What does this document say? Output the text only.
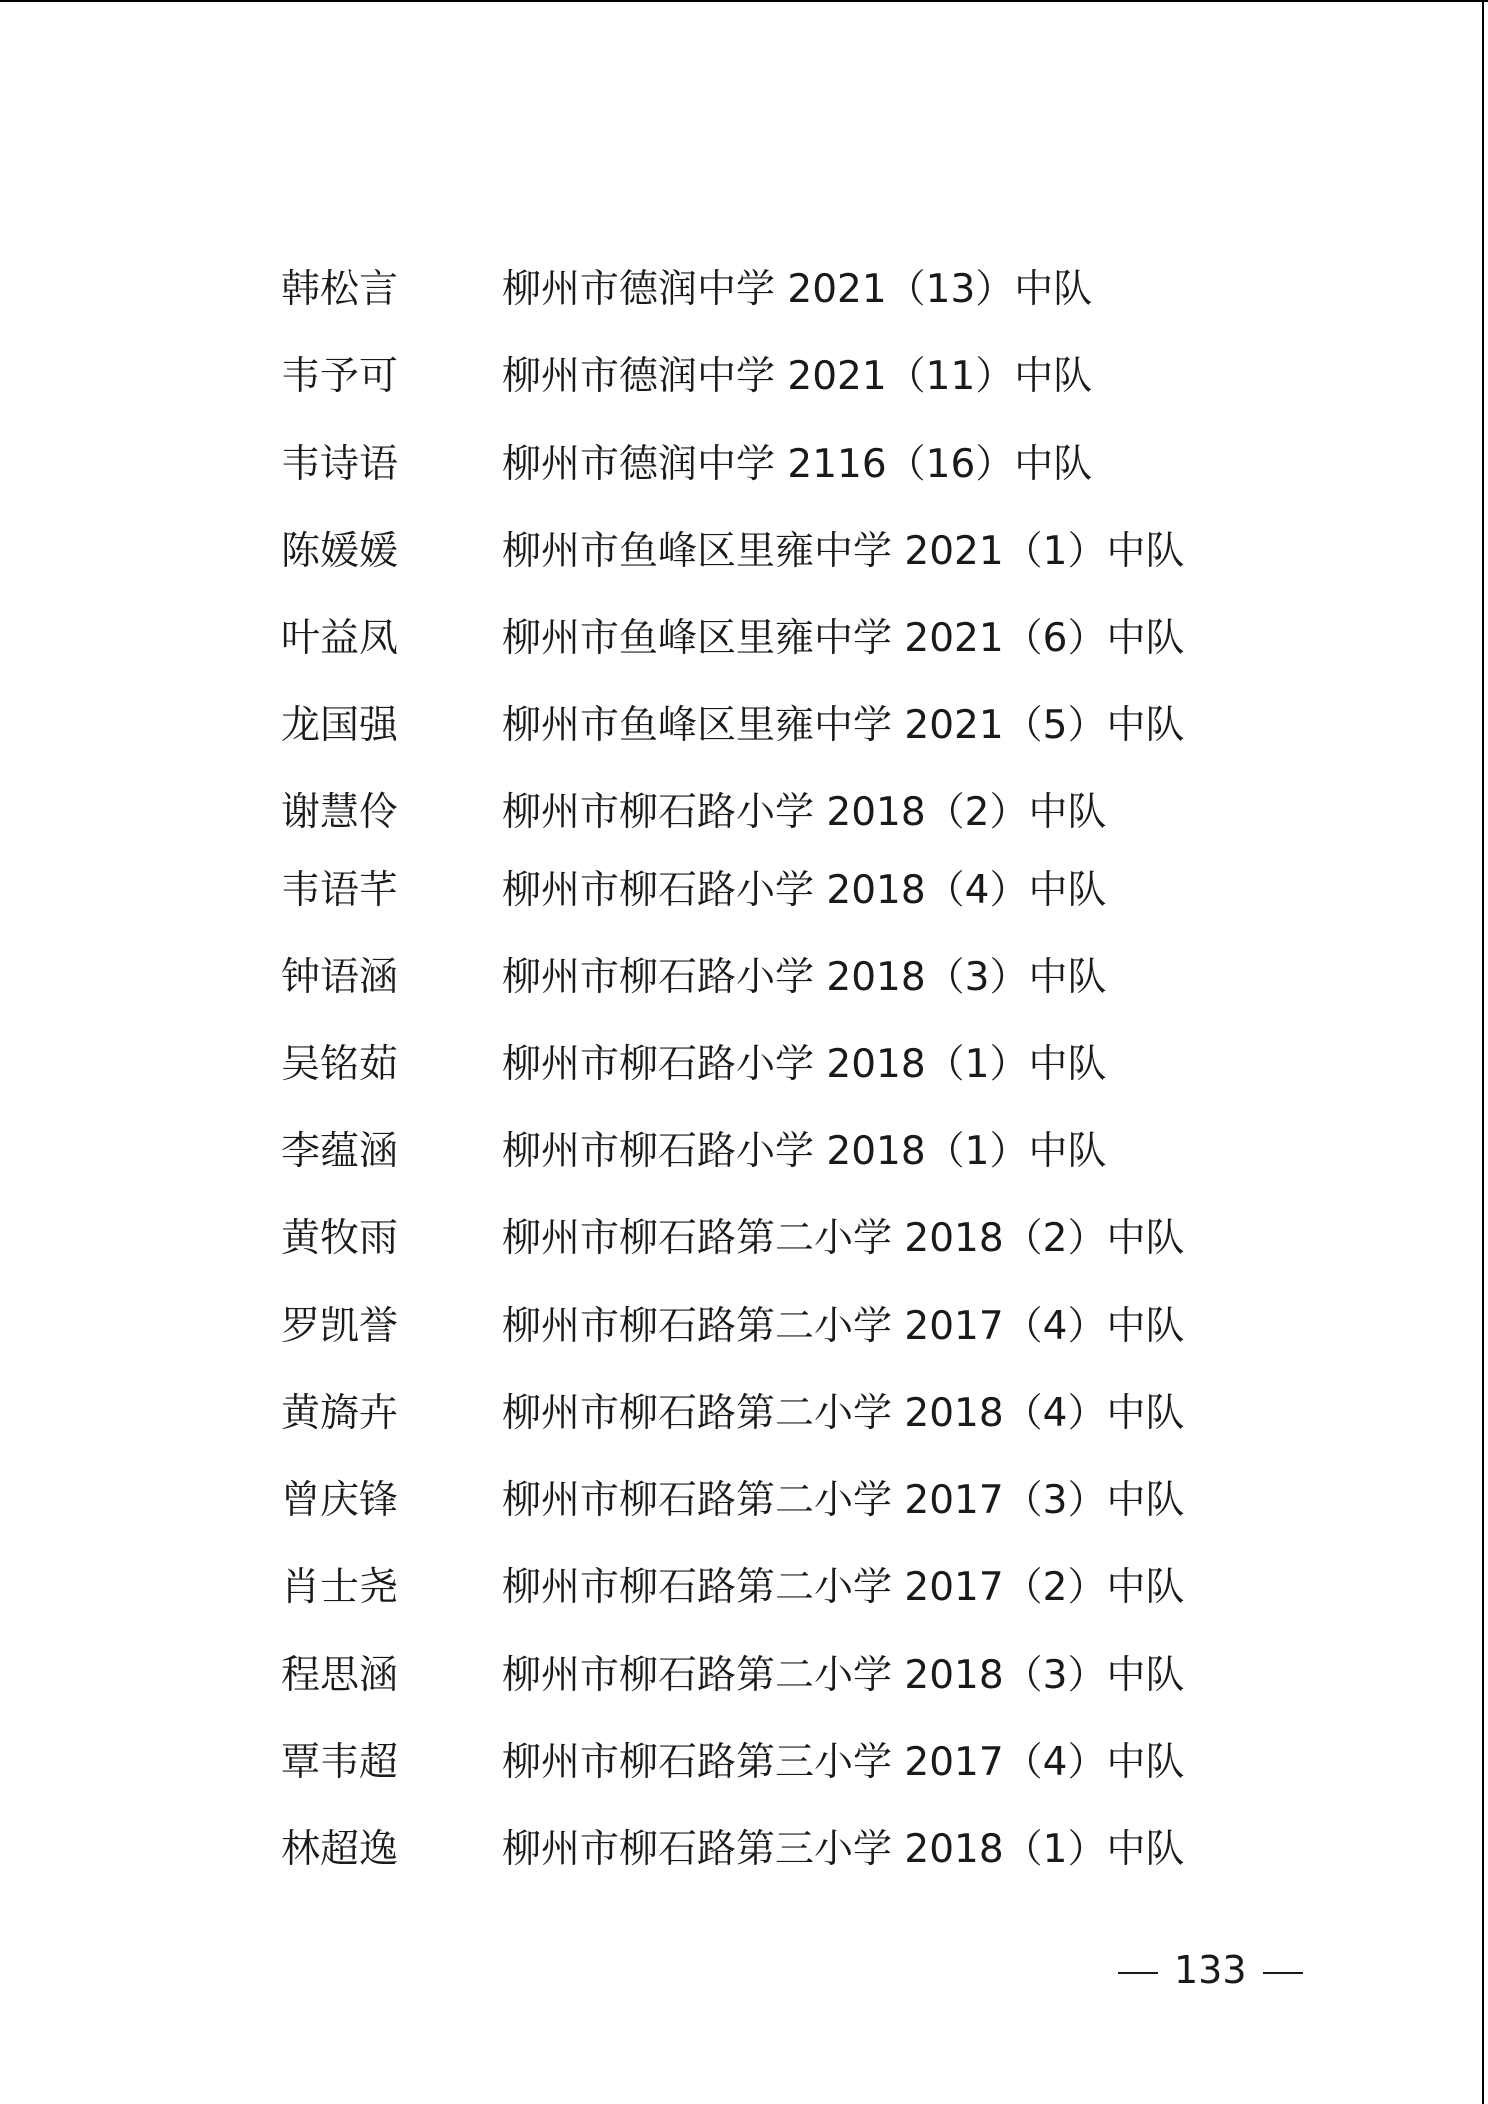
韩松言	柳州市德润中学 2021（13）中队
韦予可	柳州市德润中学 2021（11）中队
韦诗语	柳州市德润中学 2116（16）中队
陈媛媛	柳州市鱼峰区里雍中学 2021（1）中队
叶益凤	柳州市鱼峰区里雍中学 2021（6）中队
龙国强	柳州市鱼峰区里雍中学 2021（5）中队
谢慧伶	柳州市柳石路小学 2018（2）中队
韦语芊	柳州市柳石路小学 2018（4）中队
钟语涵	柳州市柳石路小学 2018（3）中队
吴铭茹	柳州市柳石路小学 2018（1）中队
李蕴涵	柳州市柳石路小学 2018（1）中队
黄牧雨	柳州市柳石路第二小学 2018（2）中队
罗凯誉	柳州市柳石路第二小学 2017（4）中队
黄旖卉	柳州市柳石路第二小学 2018（4）中队
曾庆锋	柳州市柳石路第二小学 2017（3）中队
肖士尧	柳州市柳石路第二小学 2017（2）中队
程思涵	柳州市柳石路第二小学 2018（3）中队
覃韦超	柳州市柳石路第三小学 2017（4）中队
林超逸	柳州市柳石路第三小学 2018（1）中队
133
